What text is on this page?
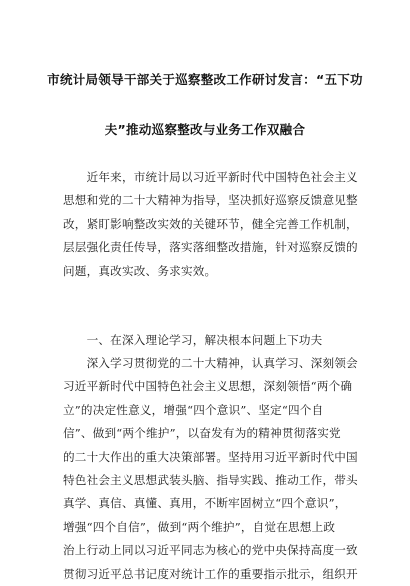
市统计局领导干部关于巡察整改工作研讨发言：“五下功
夫”推动巡察整改与业务工作双融合
　　近年来，市统计局以习近平新时代中国特色社会主义
思想和党的二十大精神为指导，坚决抓好巡察反馈意见整
改，紧盯影响整改实效的关键环节，健全完善工作机制，
层层强化责任传导，落实落细整改措施，针对巡察反馈的
问题，真改实改、务求实效。
　　一、在深入理论学习，解决根本问题上下功夫
　　深入学习贯彻党的二十大精神，认真学习、深刻领会
习近平新时代中国特色社会主义思想，深刻领悟“两个确
立”的决定性意义，增强“四个意识”、坚定“四个自
信”、做到“两个维护”，以奋发有为的精神贯彻落实党
的二十大作出的重大决策部署。坚持用习近平新时代中国
特色社会主义思想武装头脑、指导实践、推动工作，带头
真学、真信、真懂、真用，不断牢固树立“四个意识”，
增强“四个自信”，做到“两个维护”，自觉在思想上政
治上行动上同以习近平同志为核心的党中央保持高度一致
贯彻习近平总书记度对统计工作的重要指示批示，组织开
